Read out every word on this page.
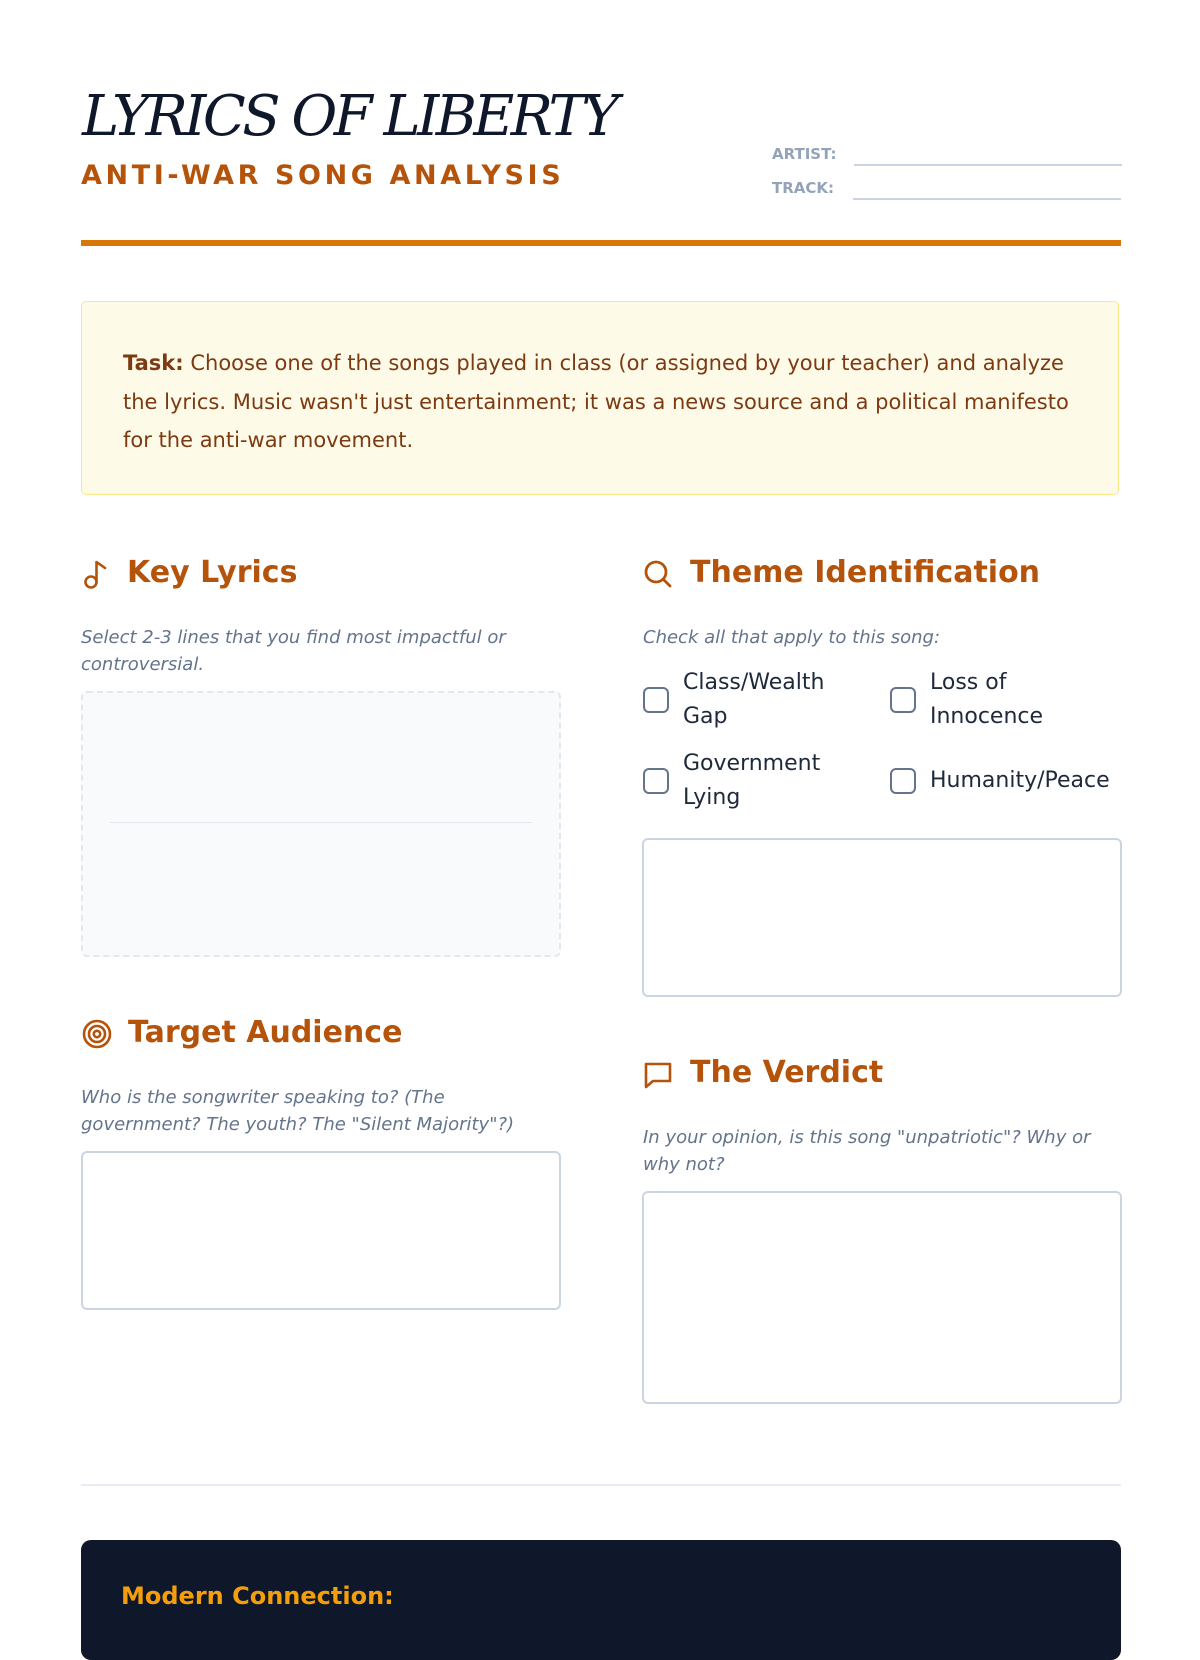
LYRICS OF LIBERTY
ANTI-WAR SONG ANALYSIS
ARTIST:
TRACK:
Task: Choose one of the songs played in class (or assigned by your teacher) and analyze the lyrics. Music wasn't just entertainment; it was a news source and a political manifesto for the anti-war movement.
Key Lyrics
Select 2-3 lines that you find most impactful or controversial.
Theme Identification
Check all that apply to this song:
Class/Wealth Gap
Loss of Innocence
Government Lying
Humanity/Peace
Target Audience
Who is the songwriter speaking to? (The government? The youth? The "Silent Majority"?)
The Verdict
In your opinion, is this song "unpatriotic"? Why or why not?
Modern Connection:
